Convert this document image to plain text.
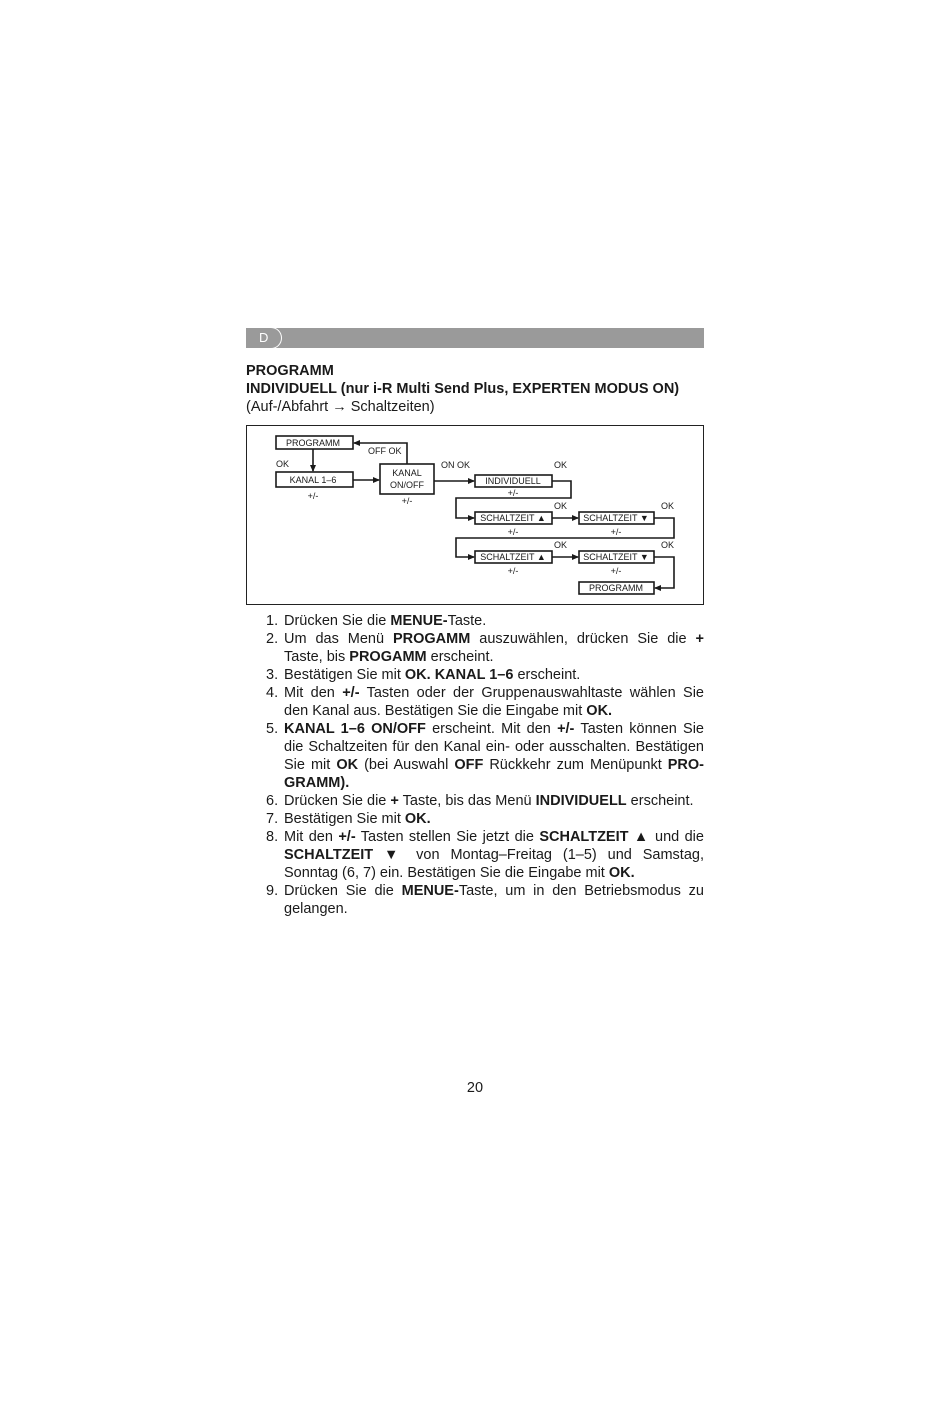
D
PROGRAMM
INDIVIDUELL (nur i-R Multi Send Plus, EXPERTEN MODUS ON)
(Auf-/Abfahrt → Schaltzeiten)
PROGRAMM
KANAL 1–6
KANAL
ON/OFF	INDIVIDUELL
SCHALTZEIT ▲	SCHALTZEIT ▼
SCHALTZEIT ▲	SCHALTZEIT ▼
PROGRAMM
+/-	+/-
+/-
+/-	+/-
+/-	+/-
OK
OFF OK
ON OK	OK
OK	OK
OK	OK
1. Drücken Sie die MENUE-Taste.
2. Um das Menü PROGAMM auszuwählen, drücken Sie die + Taste, bis PROGAMM erscheint.
3. Bestätigen Sie mit OK. KANAL 1–6 erscheint.
4. Mit den +/- Tasten oder der Gruppenauswahltaste wählen Sie den Kanal aus. Bestätigen Sie die Eingabe mit OK.
5. KANAL 1–6 ON/OFF erscheint. Mit den +/- Tasten können Sie die Schaltzeiten für den Kanal ein- oder ausschalten. Bestätigen Sie mit OK (bei Auswahl OFF Rückkehr zum Menüpunkt PRO-GRAMM).
6. Drücken Sie die + Taste, bis das Menü INDIVIDUELL erscheint.
7. Bestätigen Sie mit OK.
8. Mit den +/- Tasten stellen Sie jetzt die SCHALTZEIT ▲ und die SCHALTZEIT ▼ von Montag–Freitag (1–5) und Samstag, Sonntag (6, 7) ein. Bestätigen Sie die Eingabe mit OK.
9. Drücken Sie die MENUE-Taste, um in den Betriebsmodus zu gelangen.
20
